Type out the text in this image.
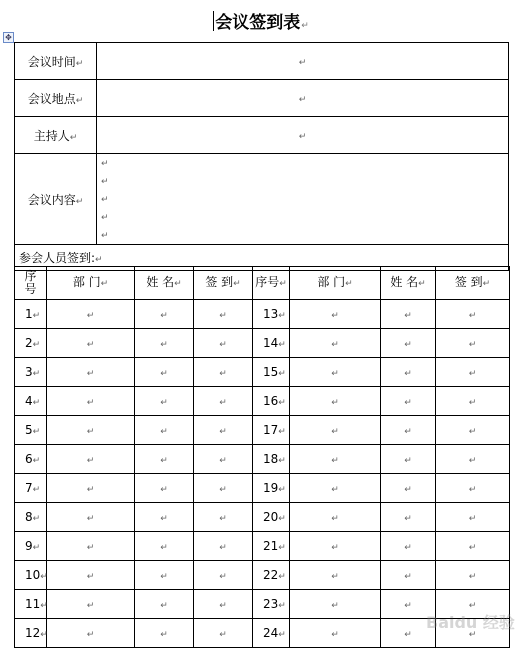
会议签到表↵
✥
会议时间↵	↵
会议地点↵	↵
主持人↵	↵
会议内容↵	↵
↵
↵
↵
↵
参会人员签到:↵	
序号	部 门↵	姓 名↵	签 到↵	序号↵	部 门↵	姓 名↵	签 到↵
1↵	↵	↵	↵	13↵	↵	↵	↵
2↵	↵	↵	↵	14↵	↵	↵	↵
3↵	↵	↵	↵	15↵	↵	↵	↵
4↵	↵	↵	↵	16↵	↵	↵	↵
5↵	↵	↵	↵	17↵	↵	↵	↵
6↵	↵	↵	↵	18↵	↵	↵	↵
7↵	↵	↵	↵	19↵	↵	↵	↵
8↵	↵	↵	↵	20↵	↵	↵	↵
9↵	↵	↵	↵	21↵	↵	↵	↵
10↵	↵	↵	↵	22↵	↵	↵	↵
11↵	↵	↵	↵	23↵	↵	↵	↵
12↵	↵	↵	↵	24↵	↵	↵	↵
Baidu 经验
